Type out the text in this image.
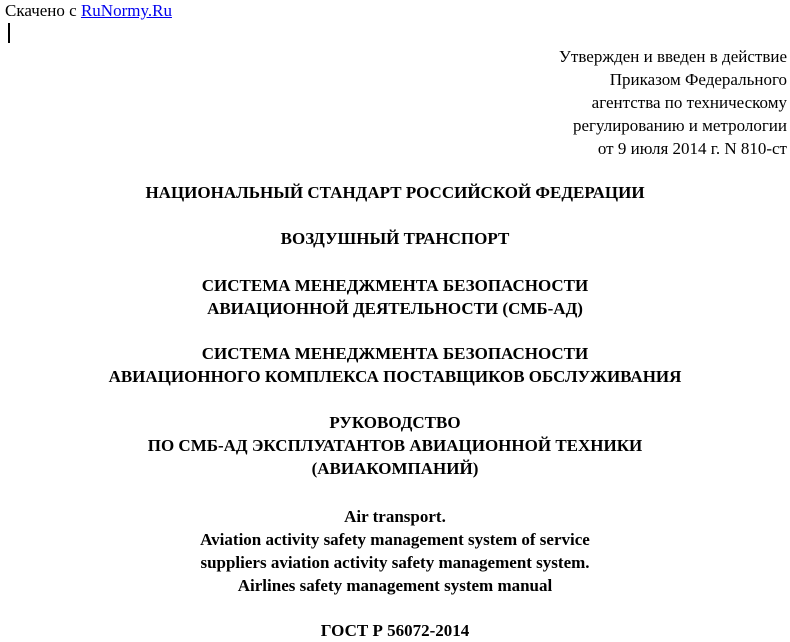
Скачено с RuNormy.Ru
Утвержден и введен в действие
Приказом Федерального
агентства по техническому
регулированию и метрологии
от 9 июля 2014 г. N 810-ст
НАЦИОНАЛЬНЫЙ СТАНДАРТ РОССИЙСКОЙ ФЕДЕРАЦИИ
ВОЗДУШНЫЙ ТРАНСПОРТ
СИСТЕМА МЕНЕДЖМЕНТА БЕЗОПАСНОСТИ
АВИАЦИОННОЙ ДЕЯТЕЛЬНОСТИ (СМБ-АД)
СИСТЕМА МЕНЕДЖМЕНТА БЕЗОПАСНОСТИ
АВИАЦИОННОГО КОМПЛЕКСА ПОСТАВЩИКОВ ОБСЛУЖИВАНИЯ
РУКОВОДСТВО
ПО СМБ-АД ЭКСПЛУАТАНТОВ АВИАЦИОННОЙ ТЕХНИКИ
(АВИАКОМПАНИЙ)
Air transport.
Aviation activity safety management system of service
suppliers aviation activity safety management system.
Airlines safety management system manual
ГОСТ Р 56072-2014
